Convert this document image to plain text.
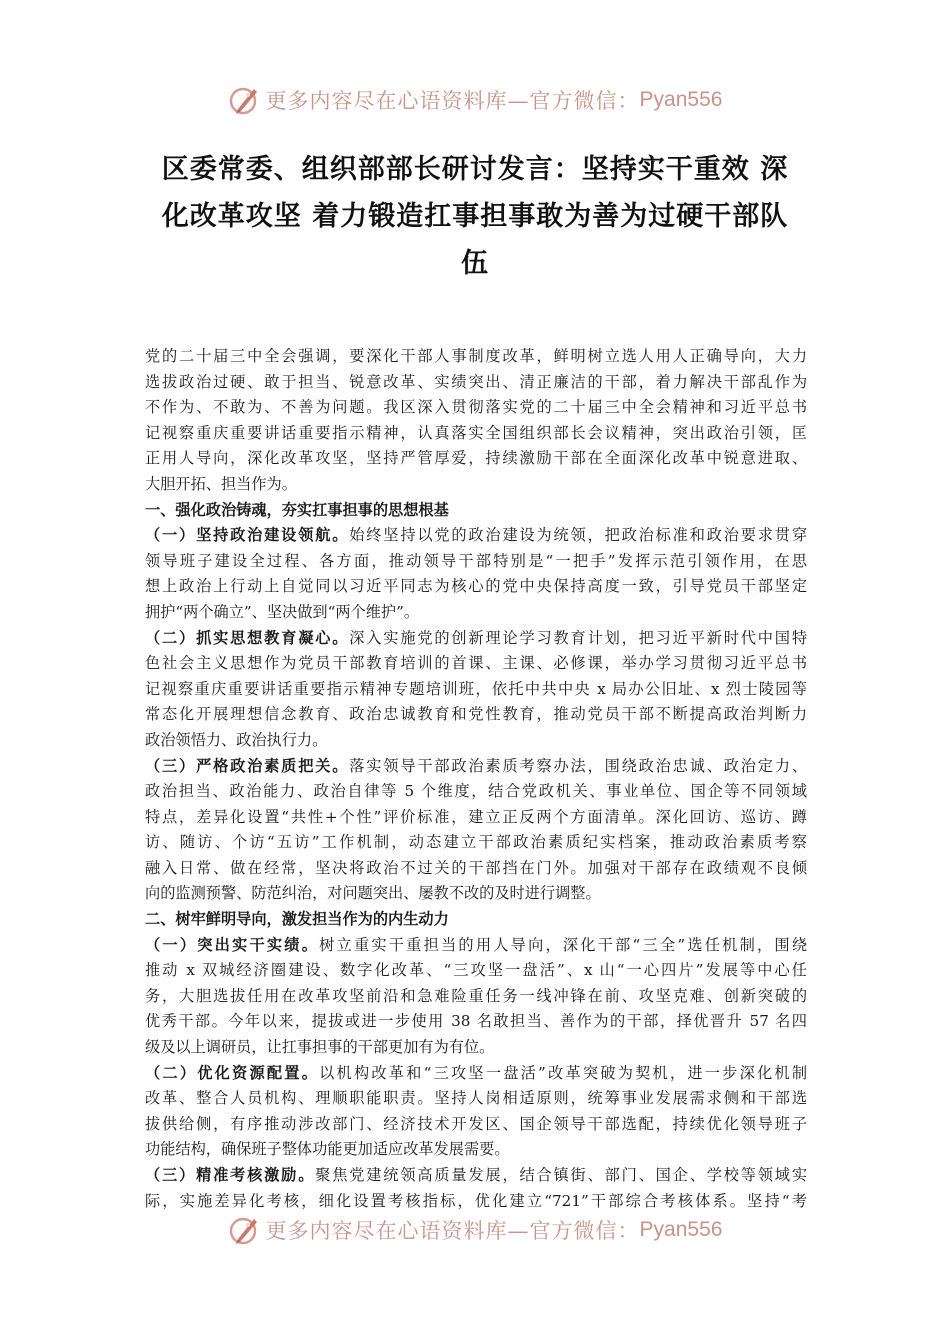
更多内容尽在心语资料库—官方微信： Pyan556
区委常委、组织部部长研讨发言：坚持实干重效 深
化改革攻坚 着力锻造扛事担事敢为善为过硬干部队
伍

党的二十届三中全会强调，要深化干部人事制度改革，鲜明树立选人用人正确导向，大力
选拔政治过硬、敢于担当、锐意改革、实绩突出、清正廉洁的干部，着力解决干部乱作为
不作为、不敢为、不善为问题。我区深入贯彻落实党的二十届三中全会精神和习近平总书
记视察重庆重要讲话重要指示精神，认真落实全国组织部长会议精神，突出政治引领，匡
正用人导向，深化改革攻坚，坚持严管厚爱，持续激励干部在全面深化改革中锐意进取、
大胆开拓、担当作为。

一、强化政治铸魂，夯实扛事担事的思想根基

（一）坚持政治建设领航。始终坚持以党的政治建设为统领，把政治标准和政治要求贯穿
领导班子建设全过程、各方面，推动领导干部特别是“一把手”发挥示范引领作用，在思
想上政治上行动上自觉同以习近平同志为核心的党中央保持高度一致，引导党员干部坚定
拥护“两个确立”、坚决做到“两个维护”。

（二）抓实思想教育凝心。深入实施党的创新理论学习教育计划，把习近平新时代中国特
色社会主义思想作为党员干部教育培训的首课、主课、必修课，举办学习贯彻习近平总书
记视察重庆重要讲话重要指示精神专题培训班，依托中共中央 x 局办公旧址、x 烈士陵园等
常态化开展理想信念教育、政治忠诚教育和党性教育，推动党员干部不断提高政治判断力
政治领悟力、政治执行力。

（三）严格政治素质把关。落实领导干部政治素质考察办法，围绕政治忠诚、政治定力、
政治担当、政治能力、政治自律等 5 个维度，结合党政机关、事业单位、国企等不同领域
特点，差异化设置“共性+个性”评价标准，建立正反两个方面清单。深化回访、巡访、蹲
访、随访、个访“五访”工作机制，动态建立干部政治素质纪实档案，推动政治素质考察
融入日常、做在经常，坚决将政治不过关的干部挡在门外。加强对干部存在政绩观不良倾
向的监测预警、防范纠治，对问题突出、屡教不改的及时进行调整。

二、树牢鲜明导向，激发担当作为的内生动力

（一）突出实干实绩。树立重实干重担当的用人导向，深化干部“三全”选任机制，围绕
推动 x 双城经济圈建设、数字化改革、“三攻坚一盘活”、x 山“一心四片”发展等中心任
务，大胆选拔任用在改革攻坚前沿和急难险重任务一线冲锋在前、攻坚克难、创新突破的
优秀干部。今年以来，提拔或进一步使用 38 名敢担当、善作为的干部，择优晋升 57 名四
级及以上调研员，让扛事担事的干部更加有为有位。

（二）优化资源配置。以机构改革和“三攻坚一盘活”改革突破为契机，进一步深化机制
改革、整合人员机构、理顺职能职责。坚持人岗相适原则，统筹事业发展需求侧和干部选
拔供给侧，有序推动涉改部门、经济技术开发区、国企领导干部选配，持续优化领导班子
功能结构，确保班子整体功能更加适应改革发展需要。

（三）精准考核激励。聚焦党建统领高质量发展，结合镇街、部门、国企、学校等领域实
际，实施差异化考核，细化设置考核指标，优化建立“721”干部综合考核体系。坚持“考

更多内容尽在心语资料库—官方微信： Pyan556
